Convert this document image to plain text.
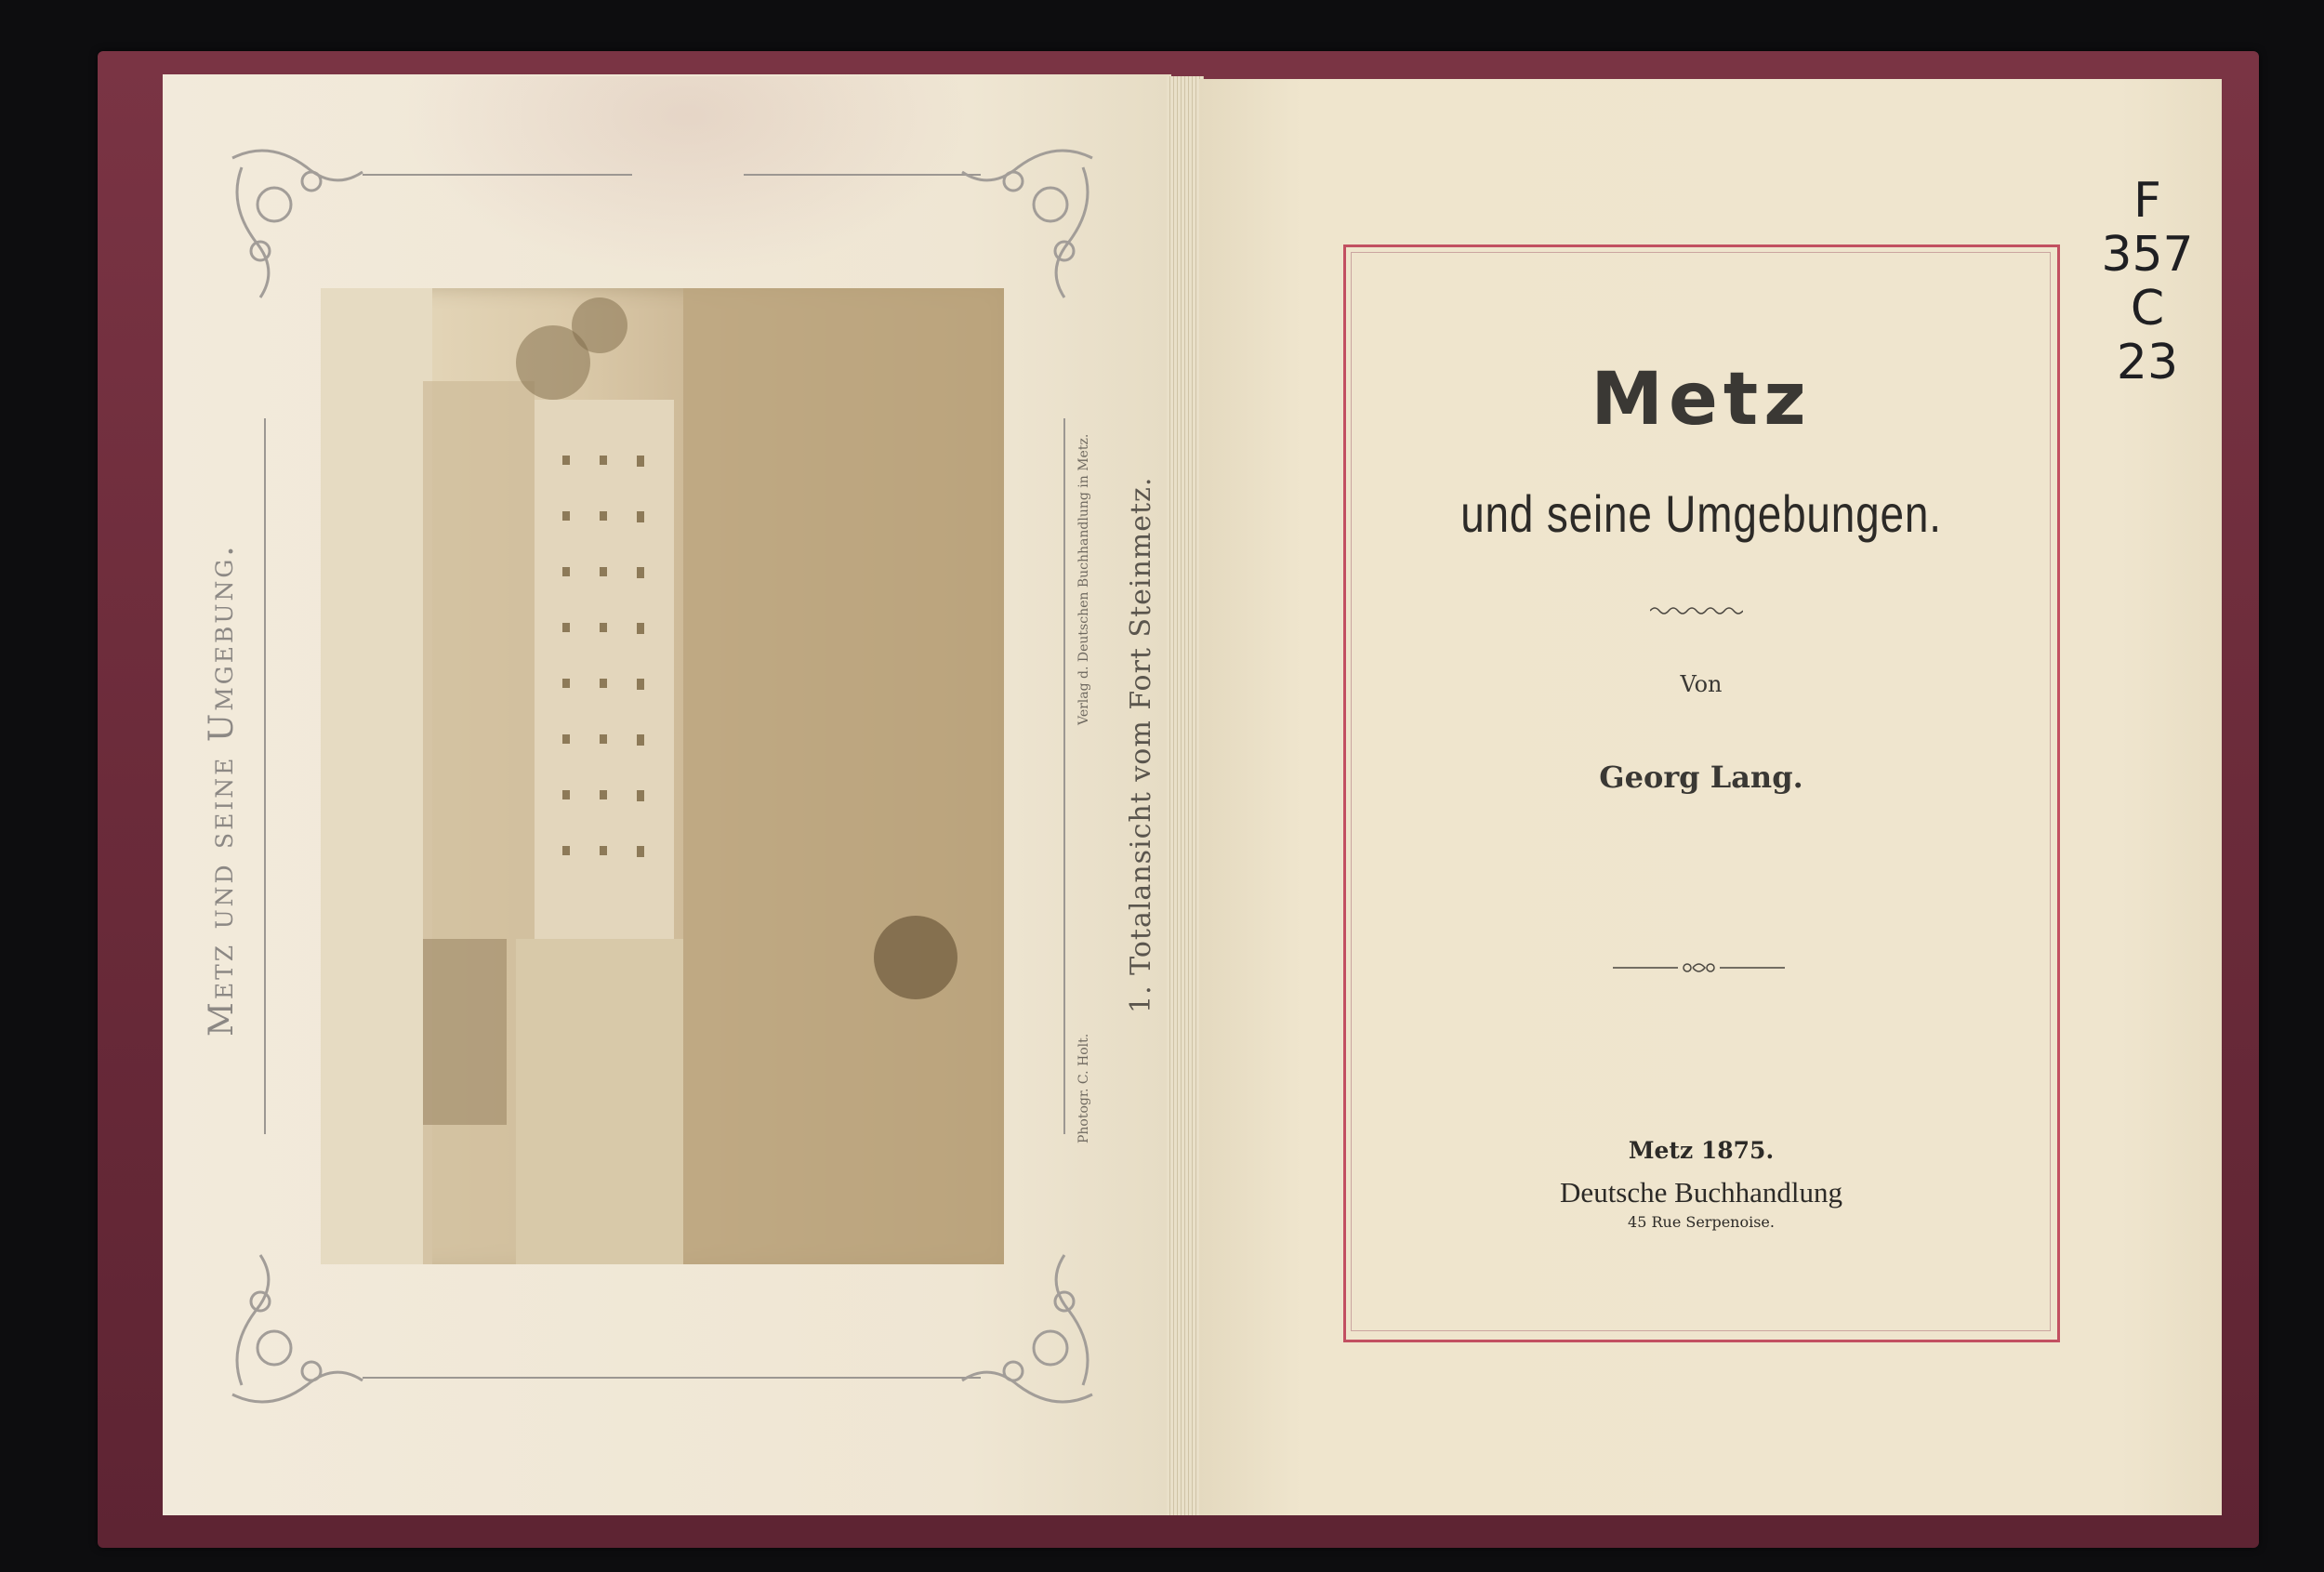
Metz und seine Umgebung.	1. Totalansicht vom Fort Steinmetz.
Verlag d. Deutschen Buchhandlung in Metz.
Photogr. C. Holt.
Metz
und seine Umgebungen.
Von
Georg Lang.
Metz 1875.
Deutsche Buchhandlung
45 Rue Serpenoise.
F
357
C
23
